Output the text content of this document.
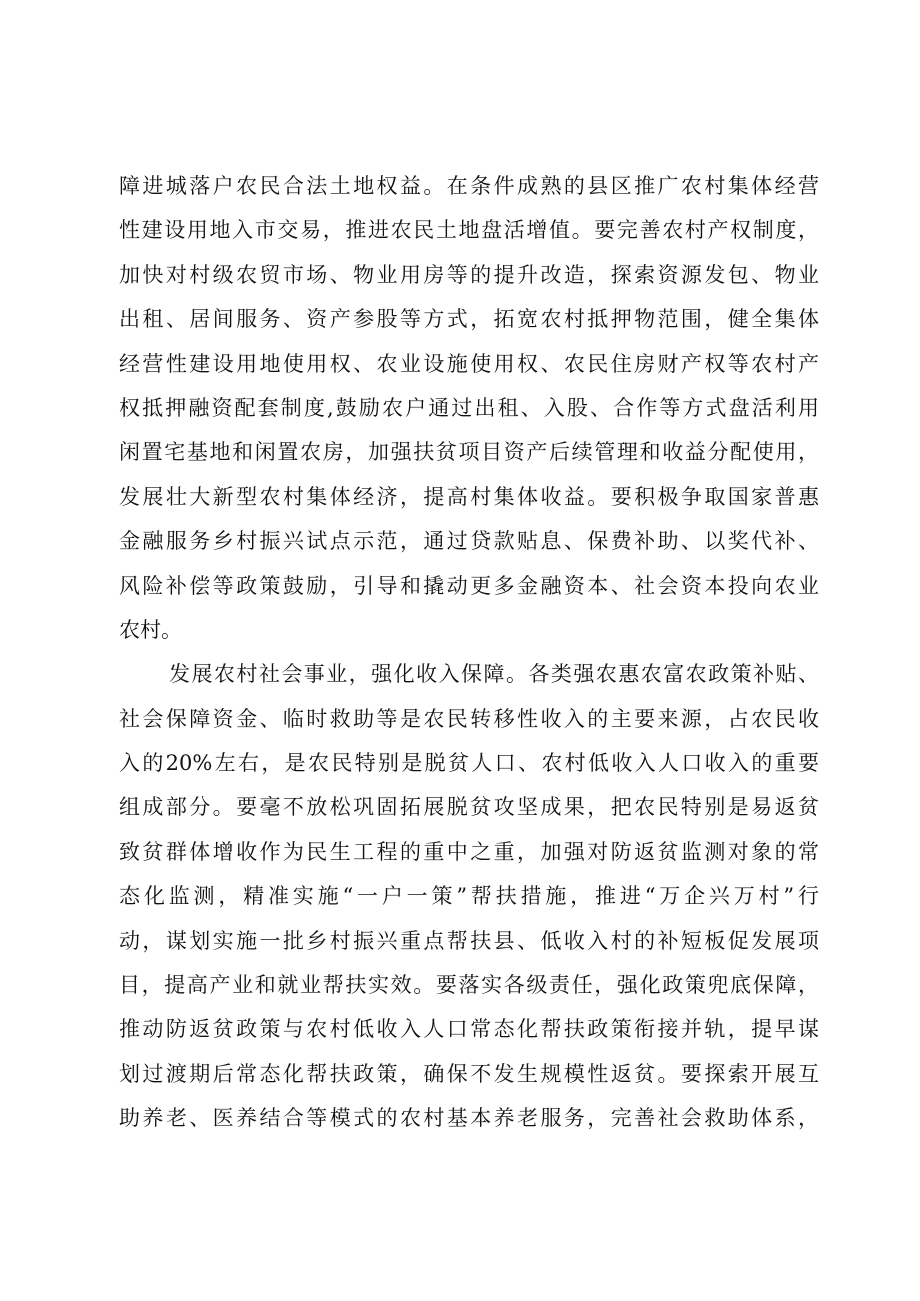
障进城落户农民合法土地权益。在条件成熟的县区推广农村集体经营
性建设用地入市交易，推进农民土地盘活增值。要完善农村产权制度，
加快对村级农贸市场、物业用房等的提升改造，探索资源发包、物业
出租、居间服务、资产参股等方式，拓宽农村抵押物范围，健全集体
经营性建设用地使用权、农业设施使用权、农民住房财产权等农村产
权抵押融资配套制度,鼓励农户通过出租、入股、合作等方式盘活利用
闲置宅基地和闲置农房，加强扶贫项目资产后续管理和收益分配使用，
发展壮大新型农村集体经济，提高村集体收益。要积极争取国家普惠
金融服务乡村振兴试点示范，通过贷款贴息、保费补助、以奖代补、
风险补偿等政策鼓励，引导和撬动更多金融资本、社会资本投向农业
农村。
发展农村社会事业，强化收入保障。各类强农惠农富农政策补贴、
社会保障资金、临时救助等是农民转移性收入的主要来源，占农民收
入的20%左右，是农民特别是脱贫人口、农村低收入人口收入的重要
组成部分。要毫不放松巩固拓展脱贫攻坚成果，把农民特别是易返贫
致贫群体增收作为民生工程的重中之重，加强对防返贫监测对象的常
态化监测，精准实施“一户一策”帮扶措施，推进“万企兴万村”行
动，谋划实施一批乡村振兴重点帮扶县、低收入村的补短板促发展项
目，提高产业和就业帮扶实效。要落实各级责任，强化政策兜底保障，
推动防返贫政策与农村低收入人口常态化帮扶政策衔接并轨，提早谋
划过渡期后常态化帮扶政策，确保不发生规模性返贫。要探索开展互
助养老、医养结合等模式的农村基本养老服务，完善社会救助体系，
